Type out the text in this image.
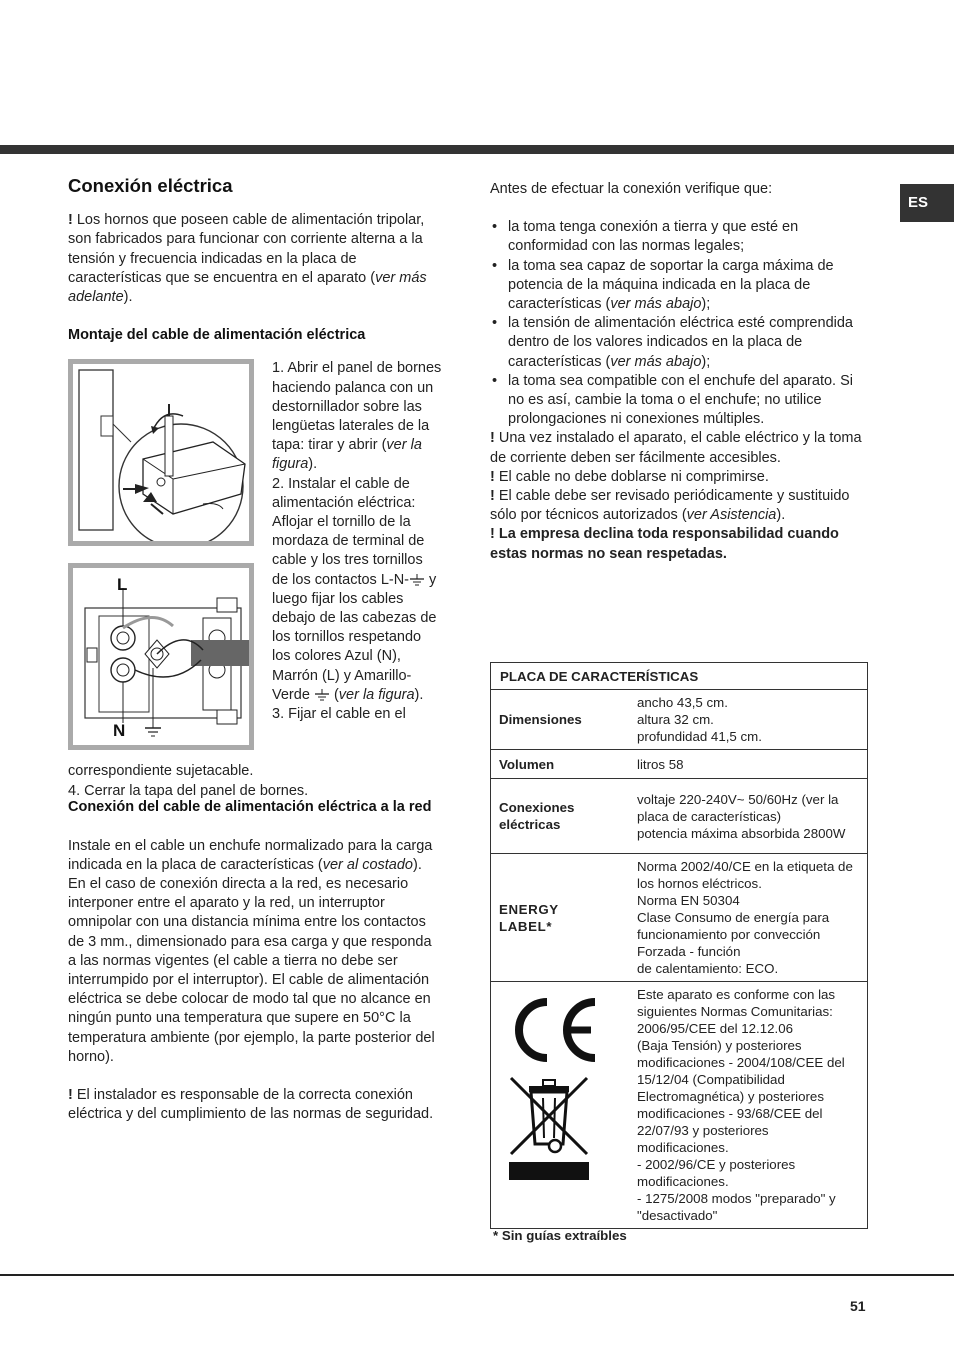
ES
Conexión eléctrica

! Los hornos que poseen cable de alimentación tripolar, son fabricados para funcionar con corriente alterna a la tensión y frecuencia indicadas en la placa de características que se encuentra en el aparato (ver más adelante).

Montaje del cable de alimentación eléctrica
L
N

1. Abrir el panel de bornes haciendo palanca con un destornillador sobre las lengüetas laterales de la tapa: tirar y abrir (ver la figura).

2. Instalar el cable de alimentación eléctrica: Aflojar el tornillo de la mordaza de terminal de cable y los tres tornillos de los contactos L-N- y luego fijar los cables debajo de las cabezas de los tornillos respetando los colores Azul (N), Marrón (L) y Amarillo-Verde  (ver la figura).

3. Fijar el cable en el

correspondiente sujetacable.

4. Cerrar la tapa del panel de bornes.

Conexión del cable de alimentación eléctrica a la red

Instale en el cable un enchufe normalizado para la carga indicada en la placa de características (ver al costado).

En el caso de conexión directa a la red, es necesario interponer entre el aparato y la red, un interruptor omnipolar con una distancia mínima entre los contactos de 3 mm., dimensionado para esa carga y que responda a las normas vigentes (el cable a tierra no debe ser interrumpido por el interruptor). El cable de alimentación eléctrica se debe colocar de modo tal que no alcance en ningún punto una temperatura que supere en 50°C la temperatura ambiente (por ejemplo, la parte posterior del horno).

! El instalador es responsable de la correcta conexión eléctrica y del cumplimiento de las normas de seguridad.

Antes de efectuar la conexión verifique que:

• la toma tenga conexión a tierra y que esté en conformidad con las normas legales;
• la toma sea capaz de soportar la carga máxima de potencia de la máquina indicada en la placa de características (ver más abajo);
• la tensión de alimentación eléctrica esté comprendida dentro de los valores indicados en la placa de características (ver más abajo);
• la toma sea compatible con el enchufe del aparato. Si no es así, cambie la toma o el enchufe; no utilice prolongaciones ni conexiones múltiples.

! Una vez instalado el aparato, el cable eléctrico y la toma de corriente deben ser fácilmente accesibles.

! El cable no debe doblarse ni comprimirse.

! El cable debe ser revisado periódicamente y sustituido sólo por técnicos autorizados (ver Asistencia).

! La empresa declina toda responsabilidad cuando estas normas no sean respetadas.

PLACA DE CARACTERÍSTICAS	
Dimensiones	ancho 43,5 cm.
altura 32 cm.
profundidad 41,5 cm.
Volumen	litros 58
Conexiones
eléctricas	voltaje 220-240V~ 50/60Hz (ver la placa de características)
potencia máxima absorbida 2800W
ENERGY
LABEL*	Norma 2002/40/CE en la etiqueta de los hornos eléctricos.
Norma EN 50304
Clase Consumo de energía para funcionamiento por convección Forzada - función
de calentamiento: ECO.
	Este aparato es conforme con las siguientes Normas Comunitarias: 2006/95/CEE del 12.12.06
(Baja Tensión) y posteriores modificaciones - 2004/108/CEE del 15/12/04 (Compatibilidad Electromagnética) y posteriores modificaciones - 93/68/CEE del 22/07/93 y posteriores modificaciones.
- 2002/96/CE y posteriores modificaciones.
- 1275/2008 modos "preparado" y "desactivado"
* Sin guías extraíbles
51
